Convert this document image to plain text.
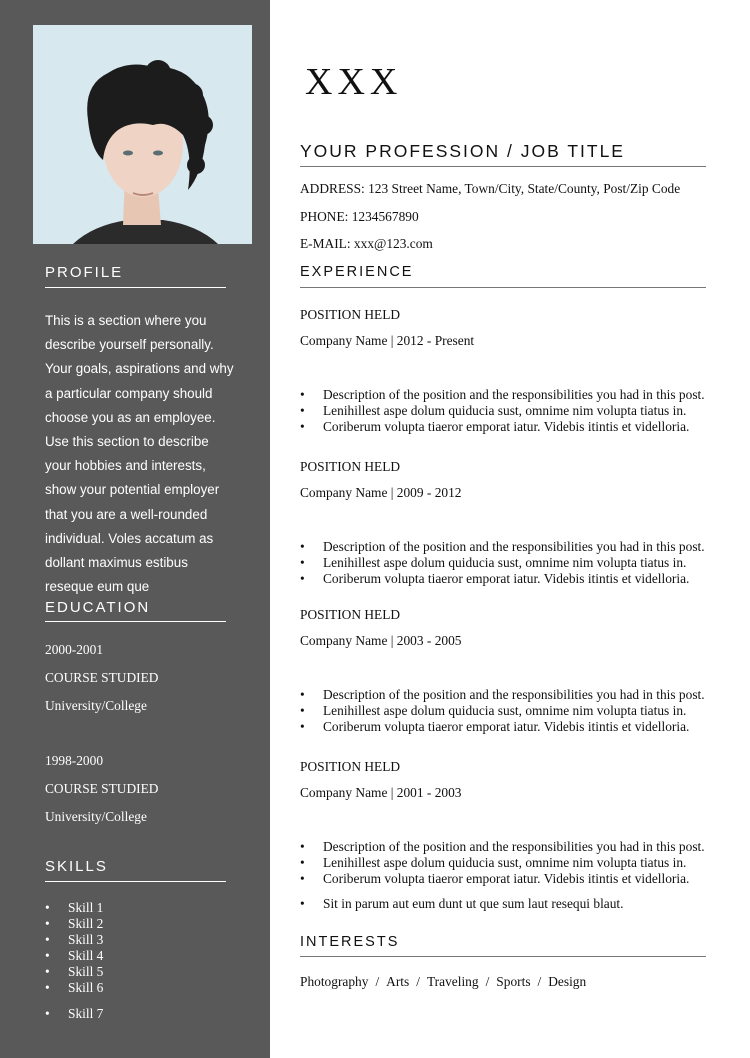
PROFILE
This is a section where you describe yourself personally. Your goals, aspirations and why a particular company should choose you as an employee. Use this section to describe your hobbies and interests, show your potential employer that you are a well-rounded individual. Voles accatum as dollant maximus estibus reseque eum que
EDUCATION
2000-2001
COURSE STUDIED
University/College
1998-2000
COURSE STUDIED
University/College
SKILLS
• Skill 1
• Skill 2
• Skill 3
• Skill 4
• Skill 5
• Skill 6
• Skill 7
XXX
YOUR PROFESSION / JOB TITLE
ADDRESS: 123 Street Name, Town/City, State/County, Post/Zip Code
PHONE: 1234567890
E-MAIL: xxx@123.com
EXPERIENCE
POSITION HELD
Company Name | 2012 - Present
• Description of the position and the responsibilities you had in this post.
• Lenihillest aspe dolum quiducia sust, omnime nim volupta tiatus in.
• Coriberum volupta tiaeror emporat iatur. Videbis itintis et videlloria.
POSITION HELD
Company Name | 2009 - 2012
• Description of the position and the responsibilities you had in this post.
• Lenihillest aspe dolum quiducia sust, omnime nim volupta tiatus in.
• Coriberum volupta tiaeror emporat iatur. Videbis itintis et videlloria.
POSITION HELD
Company Name | 2003 - 2005
• Description of the position and the responsibilities you had in this post.
• Lenihillest aspe dolum quiducia sust, omnime nim volupta tiatus in.
• Coriberum volupta tiaeror emporat iatur. Videbis itintis et videlloria.
POSITION HELD
Company Name | 2001 - 2003
• Description of the position and the responsibilities you had in this post.
• Lenihillest aspe dolum quiducia sust, omnime nim volupta tiatus in.
• Coriberum volupta tiaeror emporat iatur. Videbis itintis et videlloria.
• Sit in parum aut eum dunt ut que sum laut resequi blaut.
INTERESTS
Photography / Arts / Traveling / Sports / Design
